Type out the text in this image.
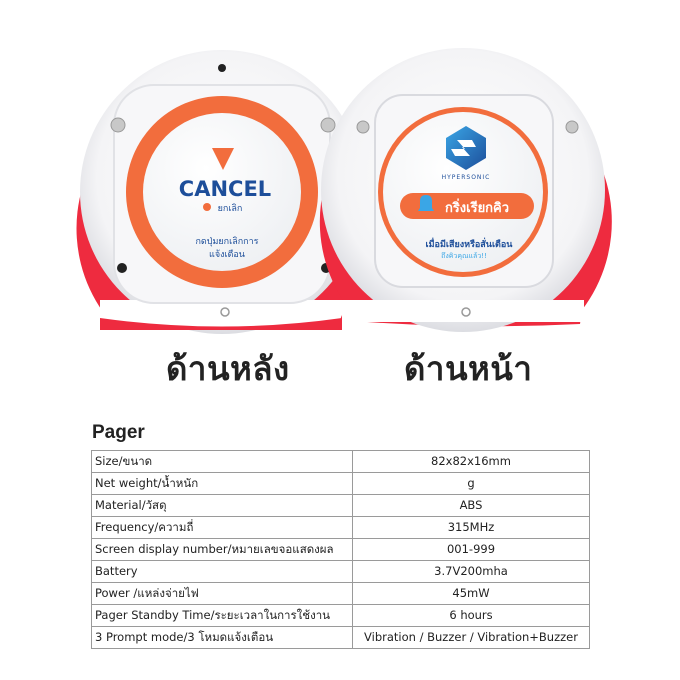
CANCEL
ยกเลิก
กดปุ่มยกเลิกการ
แจ้งเตือน
HYPERSONIC
กริ่งเรียกคิว
เมื่อมีเสียงหรือสั่นเตือน
ถึงคิวคุณแล้ว!!
ด้านหลัง	ด้านหน้า
Pager
Size/ขนาด	82x82x16mm
Net weight/น้ำหนัก	g
Material/วัสดุ	ABS
Frequency/ความถี่	315MHz
Screen display number/หมายเลขจอแสดงผล	001-999
Battery	3.7V200mha
Power /แหล่งจ่ายไฟ	45mW
Pager Standby Time/ระยะเวลาในการใช้งาน	6 hours
3 Prompt mode/3 โหมดแจ้งเตือน	Vibration / Buzzer / Vibration+Buzzer
